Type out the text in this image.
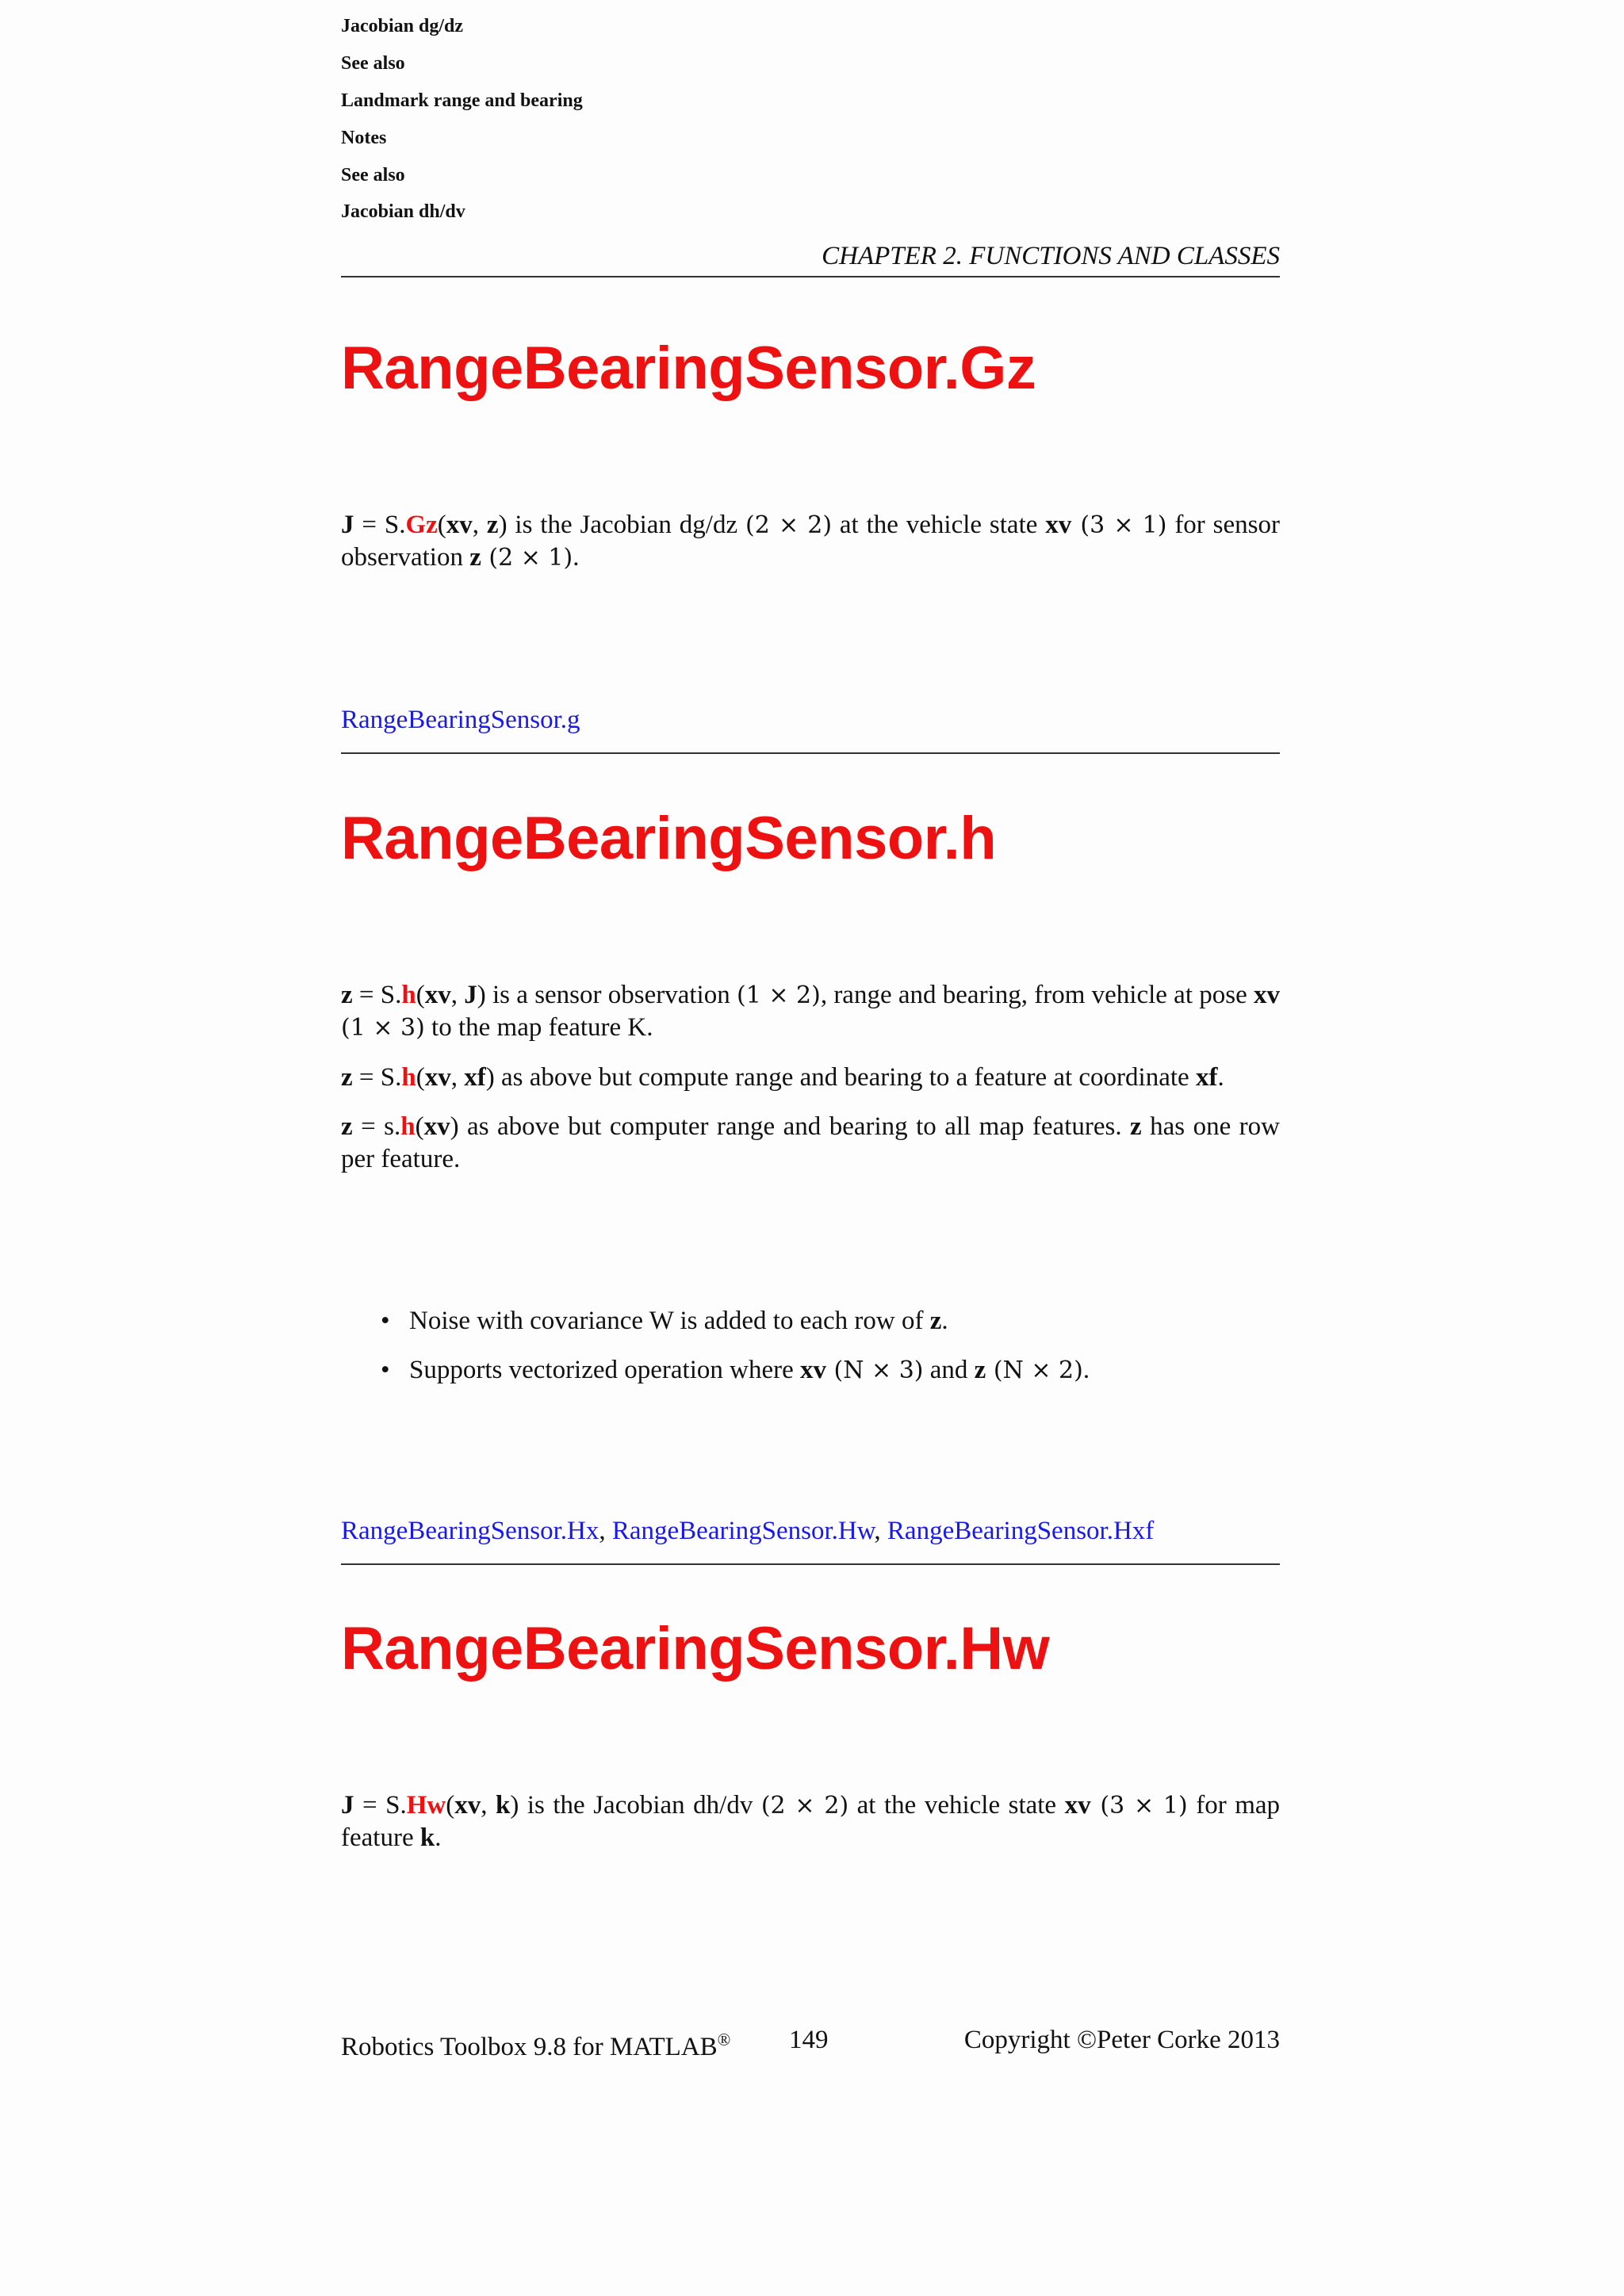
CHAPTER 2. FUNCTIONS AND CLASSES
RangeBearingSensor.Gz
Jacobian dg/dz
J = S.Gz(xv, z) is the Jacobian dg/dz (2 × 2) at the vehicle state xv (3 × 1) for sensor observation z (2 × 1).
See also
RangeBearingSensor.g
RangeBearingSensor.h
Landmark range and bearing
z = S.h(xv, J) is a sensor observation (1 × 2), range and bearing, from vehicle at pose xv (1 × 3) to the map feature K.
z = S.h(xv, xf) as above but compute range and bearing to a feature at coordinate xf.
z = s.h(xv) as above but computer range and bearing to all map features. z has one row per feature.
Notes
• Noise with covariance W is added to each row of z.
• Supports vectorized operation where xv (N × 3) and z (N × 2).
See also
RangeBearingSensor.Hx, RangeBearingSensor.Hw, RangeBearingSensor.Hxf
RangeBearingSensor.Hw
Jacobian dh/dv
J = S.Hw(xv, k) is the Jacobian dh/dv (2 × 2) at the vehicle state xv (3 × 1) for map feature k.
Robotics Toolbox 9.8 for MATLAB® 149	Copyright ©Peter Corke 2013
